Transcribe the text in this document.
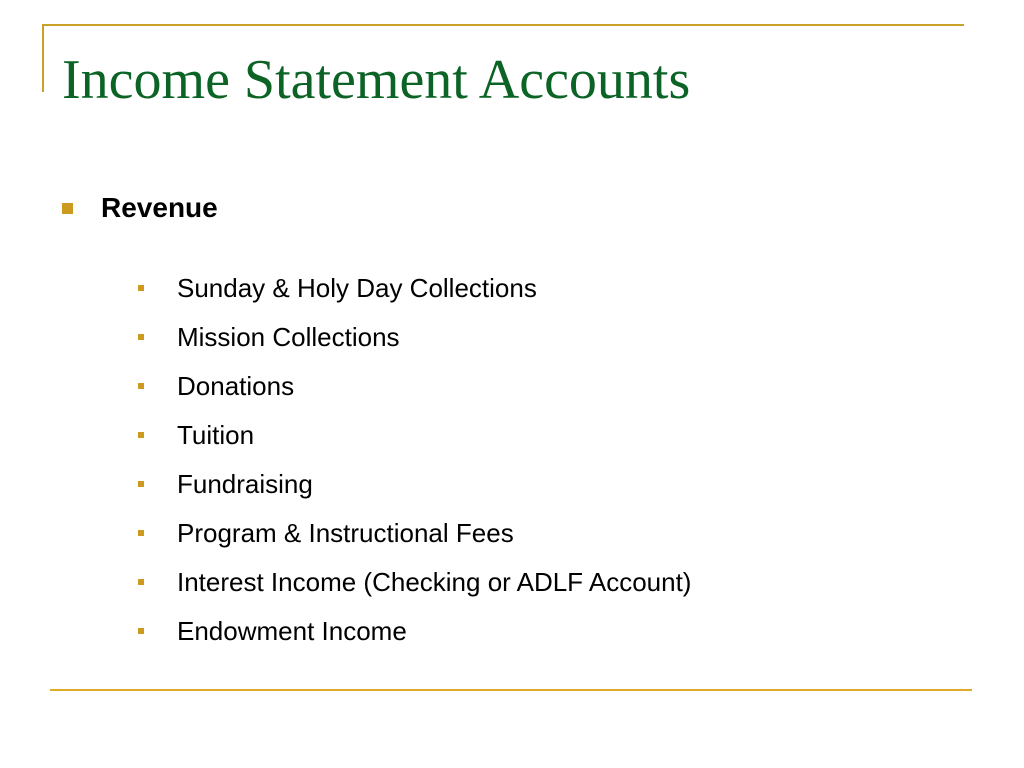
Income Statement Accounts
Revenue
Sunday & Holy Day Collections
Mission Collections
Donations
Tuition
Fundraising
Program & Instructional Fees
Interest Income (Checking or ADLF Account)
Endowment Income
